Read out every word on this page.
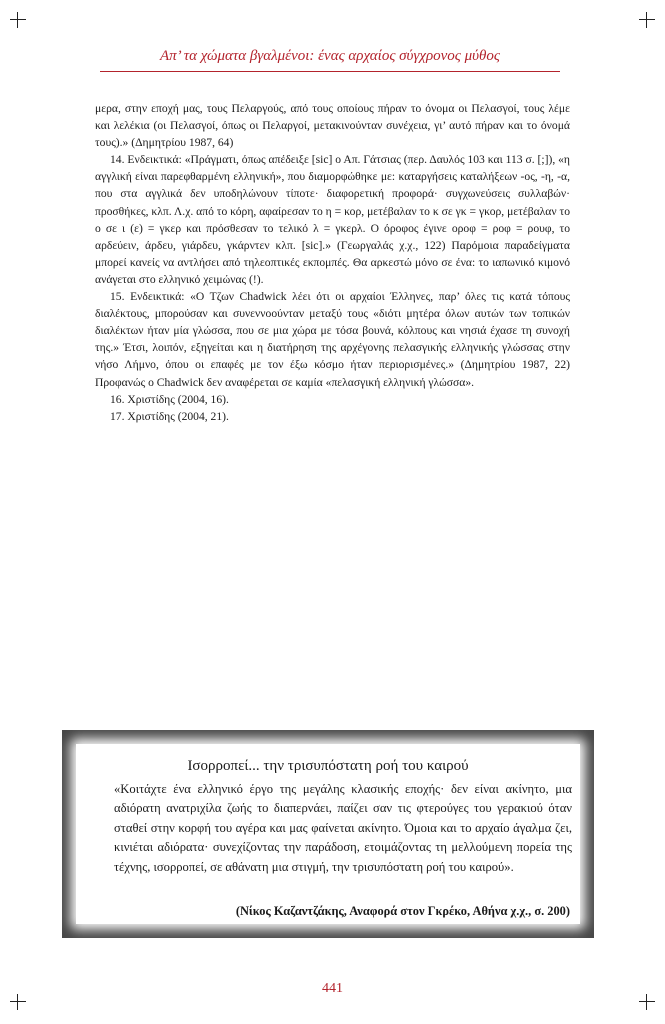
Απ’ τα χώματα βγαλμένοι: ένας αρχαίος σύγχρονος μύθος

μερα, στην εποχή μας, τους Πελαργούς, από τους οποίους πήραν το όνομα οι Πελασγοί, τους λέμε και λελέκια (οι Πελασγοί, όπως οι Πελαργοί, μετακινούνταν συνέχεια, γι’ αυτό πήραν και το όνομά τους).» (Δημητρίου 1987, 64)

14. Ενδεικτικά: «Πράγματι, όπως απέδειξε [sic] ο Απ. Γάτσιας (περ. Δαυλός 103 και 113 σ. [;]), «η αγγλική είναι παρεφθαρμένη ελληνική», που διαμορφώθηκε με: καταργήσεις καταλήξεων -ος, -η, -α, που στα αγγλικά δεν υποδηλώνουν τίποτε· διαφορετική προφορά· συγχωνεύσεις συλλαβών· προσθήκες, κλπ. Λ.χ. από το κόρη, αφαίρεσαν το η = κορ, μετέβαλαν το κ σε γκ = γκορ, μετέβαλαν το ο σε ι (ε) = γκερ και πρόσθεσαν το τελικό λ = γκερλ. Ο όροφος έγινε οροφ = ροφ = ρουφ, το αρδεύειν, άρδευ, γιάρδευ, γκάρντεν κλπ. [sic].» (Γεωργαλάς χ.χ., 122) Παρόμοια παραδείγματα μπορεί κανείς να αντλήσει από τηλεοπτικές εκπομπές. Θα αρκεστώ μόνο σε ένα: το ιαπωνικό κιμονό ανάγεται στο ελληνικό χειμώνας (!).

15. Ενδεικτικά: «Ο Τζων Chadwick λέει ότι οι αρχαίοι Έλληνες, παρ’ όλες τις κατά τόπους διαλέκτους, μπορούσαν και συνεννοούνταν μεταξύ τους «διότι μητέρα όλων αυτών των τοπικών διαλέκτων ήταν μία γλώσσα, που σε μια χώρα με τόσα βουνά, κόλπους και νησιά έχασε τη συνοχή της.» Έτσι, λοιπόν, εξηγείται και η διατήρηση της αρχέγονης πελασγικής ελληνικής γλώσσας στην νήσο Λήμνο, όπου οι επαφές με τον έξω κόσμο ήταν περιορισμένες.» (Δημητρίου 1987, 22) Προφανώς ο Chadwick δεν αναφέρεται σε καμία «πελασγική ελληνική γλώσσα».

16. Χριστίδης (2004, 16).

17. Χριστίδης (2004, 21).

Ισορροπεί... την τρισυπόστατη ροή του καιρού

«Κοιτάχτε ένα ελληνικό έργο της μεγάλης κλασικής εποχής· δεν είναι ακίνητο, μια αδιόρατη ανατριχίλα ζωής το διαπερνάει, παίζει σαν τις φτερούγες του γερακιού όταν σταθεί στην κορφή του αγέρα και μας φαίνεται ακίνητο. Όμοια και το αρχαίο άγαλμα ζει, κινιέται αδιόρατα· συνεχίζοντας την παράδοση, ετοιμάζοντας τη μελλούμενη πορεία της τέχνης, ισορροπεί, σε αθάνατη μια στιγμή, την τρισυπόστατη ροή του καιρού».

(Νίκος Καζαντζάκης, Αναφορά στον Γκρέκο, Αθήνα χ.χ., σ. 200)
441
